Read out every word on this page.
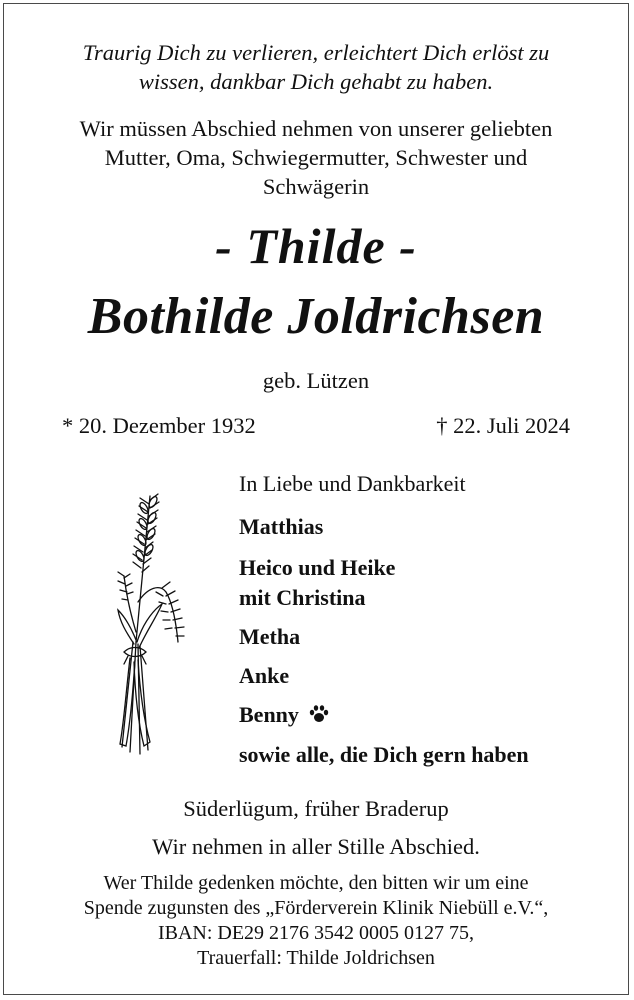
Traurig Dich zu verlieren, erleichtert Dich erlöst zu
wissen, dankbar Dich gehabt zu haben.
Wir müssen Abschied nehmen von unserer geliebten
Mutter, Oma, Schwiegermutter, Schwester und
Schwägerin
- Thilde -
Bothilde Joldrichsen
geb. Lützen
* 20. Dezember 1932	† 22. Juli 2024
In Liebe und Dankbarkeit
Matthias
Heico und Heike
mit Christina
Metha
Anke
Benny
sowie alle, die Dich gern haben
Süderlügum, früher Braderup
Wir nehmen in aller Stille Abschied.
Wer Thilde gedenken möchte, den bitten wir um eine
Spende zugunsten des „Förderverein Klinik Niebüll e.V.“,
IBAN: DE29 2176 3542 0005 0127 75,
Trauerfall: Thilde Joldrichsen
